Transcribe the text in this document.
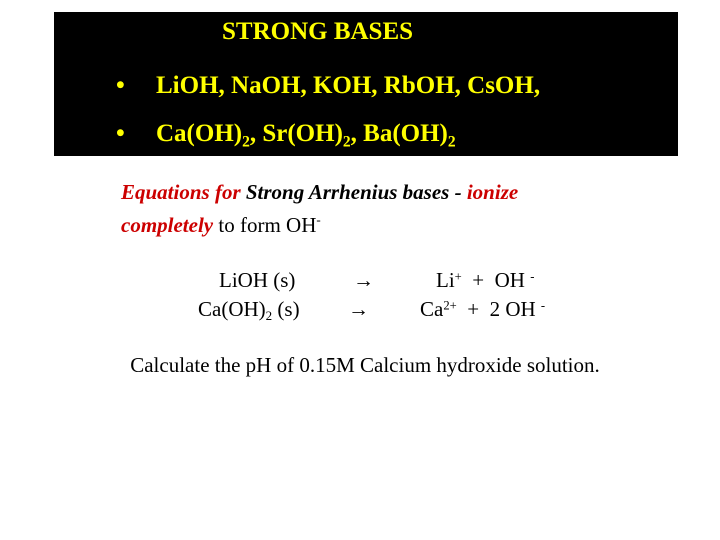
STRONG BASES
• LiOH, NaOH, KOH, RbOH, CsOH,
• $Ca(OH)_2$, $Sr(OH)_2$, $Ba(OH)_2$
Equations for Strong Arrhenius bases - ionize completely to form OH-
LiOH (s)	→	Li+ + OH -
$Ca(OH)_2$ $(s) \to Ca^{2+} + 2$ OH -
Calculate the pH of 0.15M Calcium hydroxide solution.
